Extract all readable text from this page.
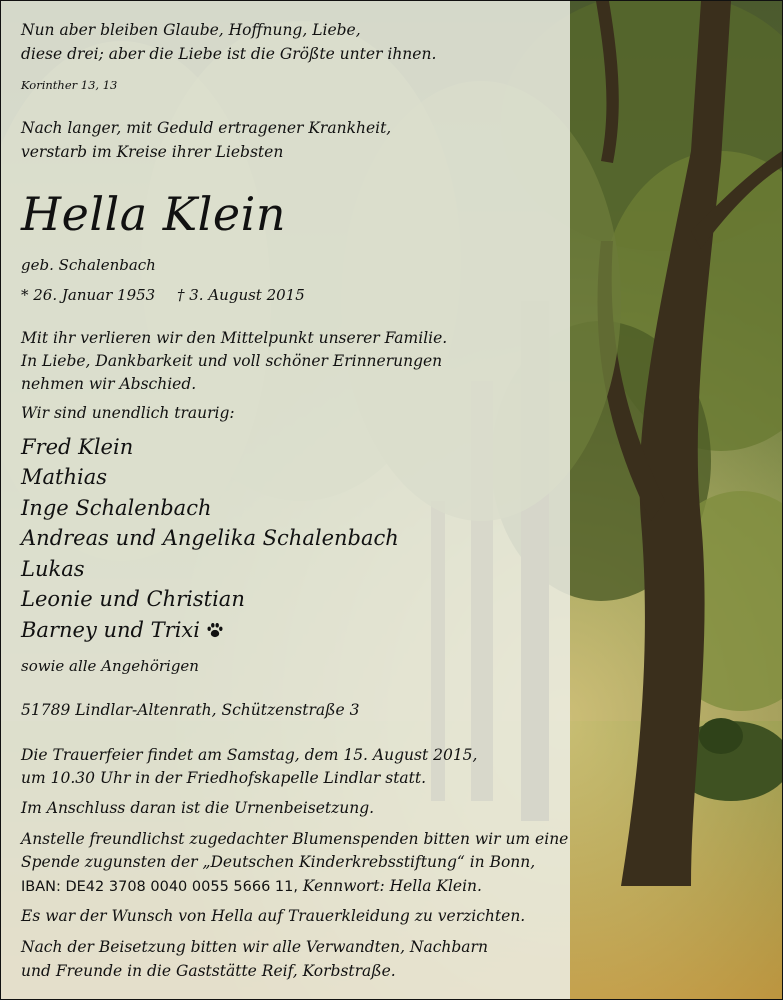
Nun aber bleiben Glaube, Hoffnung, Liebe,
diese drei; aber die Liebe ist die Größte unter ihnen.
Korinther 13, 13
Nach langer, mit Geduld ertragener Krankheit,
verstarb im Kreise ihrer Liebsten
Hella Klein
geb. Schalenbach
* 26. Januar 1953 † 3. August 2015
Mit ihr verlieren wir den Mittelpunkt unserer Familie.
In Liebe, Dankbarkeit und voll schöner Erinnerungen
nehmen wir Abschied.
Wir sind unendlich traurig:
Fred Klein
Mathias
Inge Schalenbach
Andreas und Angelika Schalenbach
Lukas
Leonie und Christian
Barney und Trixi
sowie alle Angehörigen
51789 Lindlar-Altenrath, Schützenstraße 3
Die Trauerfeier findet am Samstag, dem 15. August 2015,
um 10.30 Uhr in der Friedhofskapelle Lindlar statt.
Im Anschluss daran ist die Urnenbeisetzung.
Anstelle freundlichst zugedachter Blumenspenden bitten wir um eine
Spende zugunsten der „Deutschen Kinderkrebsstiftung“ in Bonn,
IBAN: DE42 3708 0040 0055 5666 11, Kennwort: Hella Klein.
Es war der Wunsch von Hella auf Trauerkleidung zu verzichten.
Nach der Beisetzung bitten wir alle Verwandten, Nachbarn
und Freunde in die Gaststätte Reif, Korbstraße.
